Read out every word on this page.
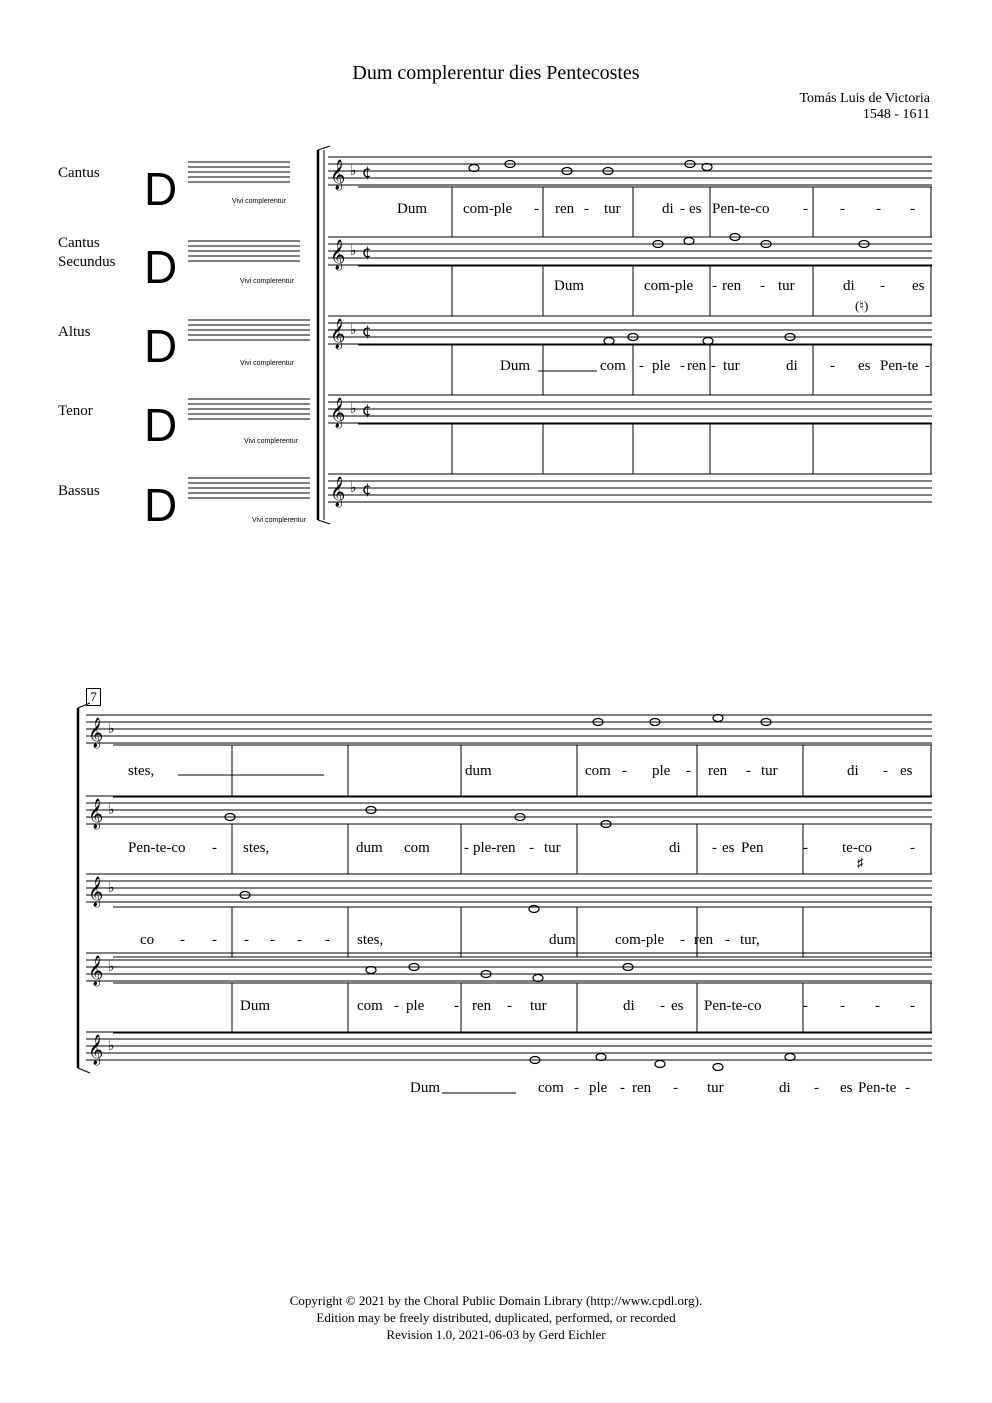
Dum complerentur dies Pentecostes
Tomás Luis de Victoria
1548 - 1611
Cantus
Cantus
Secundus
Altus
Tenor
Bassus
D
D
D
D
D
Vivi complerentur
Vivi complerentur
Vivi complerentur
Vivi complerentur
Vivi complerentur
Dum com-ple - ren - tur	di - es Pen-te-co - - - -
Dum	com-ple - ren - tur	di - es
Dum	com - ple - ren - tur	di - es Pen-te -
(♮)
7
stes,	dum	com - ple - ren - tur	di - es
Pen-te-co - stes,	dum com - ple-ren - tur	di - es Pen	- te-co	-
co - - - - - - stes,	dum	com-ple - ren - tur,
Dum	com - ple - ren - tur	di - es Pen-te-co	- - - -
Dum	com - ple - ren - tur	di - es Pen-te -
♯
Copyright © 2021 by the Choral Public Domain Library (http://www.cpdl.org).
Edition may be freely distributed, duplicated, performed, or recorded
Revision 1.0, 2021-06-03 by Gerd Eichler
𝄞 ♭ ¢
𝄞 ♭ ¢
𝄞 ♭ ¢
𝄞 ♭ ¢
𝄞 ♭ ¢
𝄞 ♭
𝄞 ♭
𝄞 ♭
𝄞 ♭
𝄞 ♭
